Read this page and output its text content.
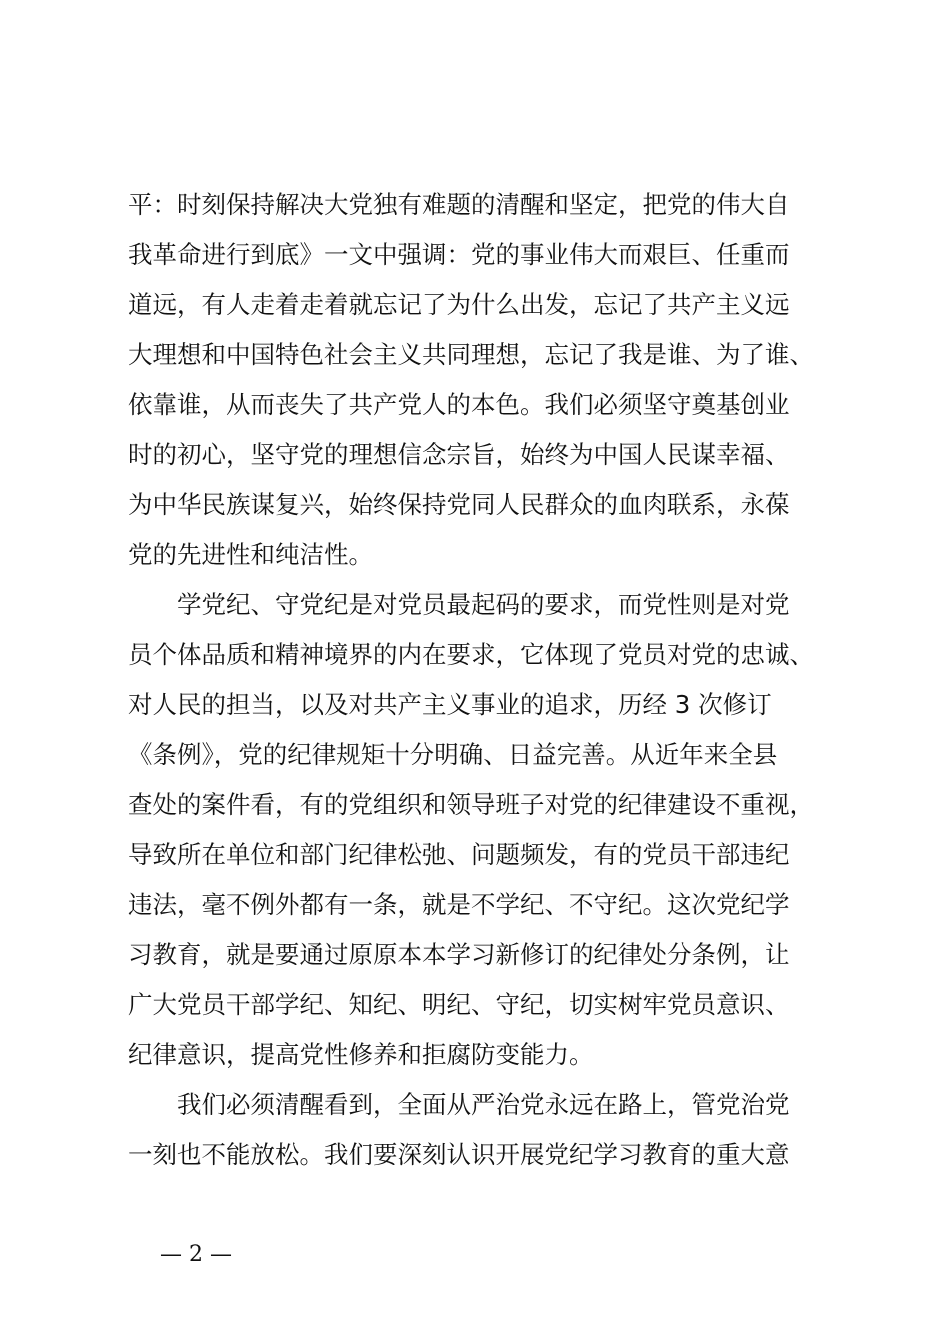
平：时刻保持解决大党独有难题的清醒和坚定，把党的伟大自
我革命进行到底》一文中强调：党的事业伟大而艰巨、任重而
道远，有人走着走着就忘记了为什么出发，忘记了共产主义远
大理想和中国特色社会主义共同理想，忘记了我是谁、为了谁、
依靠谁，从而丧失了共产党人的本色。我们必须坚守奠基创业
时的初心，坚守党的理想信念宗旨，始终为中国人民谋幸福、
为中华民族谋复兴，始终保持党同人民群众的血肉联系，永葆
党的先进性和纯洁性。
学党纪、守党纪是对党员最起码的要求，而党性则是对党
员个体品质和精神境界的内在要求，它体现了党员对党的忠诚、
对人民的担当，以及对共产主义事业的追求，历经 3 次修订
《条例》，党的纪律规矩十分明确、日益完善。从近年来全县
查处的案件看，有的党组织和领导班子对党的纪律建设不重视，
导致所在单位和部门纪律松弛、问题频发，有的党员干部违纪
违法，毫不例外都有一条，就是不学纪、不守纪。这次党纪学
习教育，就是要通过原原本本学习新修订的纪律处分条例，让
广大党员干部学纪、知纪、明纪、守纪，切实树牢党员意识、
纪律意识，提高党性修养和拒腐防变能力。
我们必须清醒看到，全面从严治党永远在路上，管党治党
一刻也不能放松。我们要深刻认识开展党纪学习教育的重大意
— 2 —
